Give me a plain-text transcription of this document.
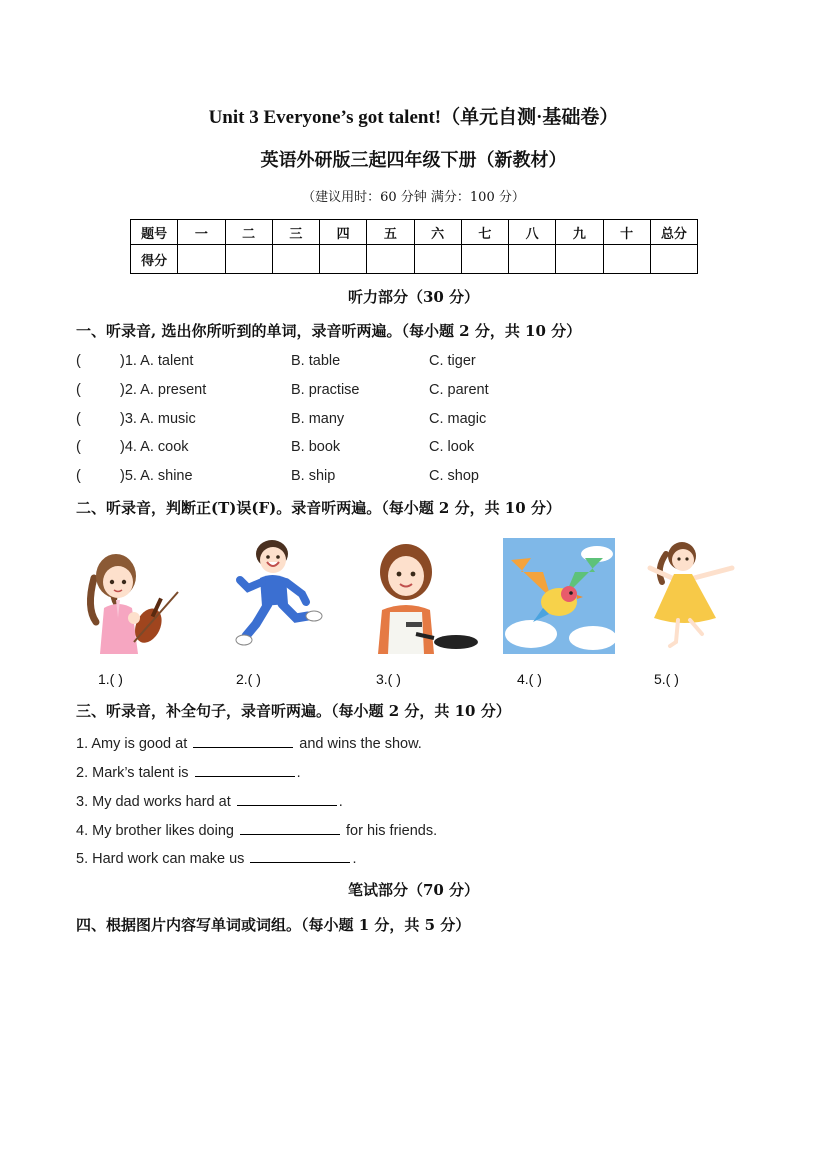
Unit 3 Everyone’s got talent!（单元自测·基础卷）
英语外研版三起四年级下册（新教材）
（建议用时：60 分钟 满分：100 分）
题号	一	二	三	四	五	六	七	八	九	十	总分
得分											
听力部分（30 分）
一、听录音, 选出你所听到的单词，录音听两遍。（每小题 2 分，共 10 分）
(	)1. A. talent	B. table	C. tiger
(	)2. A. present	B. practise	C. parent
(	)3. A. music	B. many	C. magic
(	)4. A. cook	B. book	C. look
(	)5. A. shine	B. ship	C. shop
二、听录音，判断正(T)误(F)。录音听两遍。（每小题 2 分，共 10 分）
1.( )	2.( )	3.( )	4.( )	5.( )
三、听录音，补全句子，录音听两遍。（每小题 2 分，共 10 分）
1. Amy is good at	and wins the show.
2. Mark’s talent is	.
3. My dad works hard at	.
4. My brother likes doing	for his friends.
5. Hard work can make us	.
笔试部分（70 分）
四、根据图片内容写单词或词组。（每小题 1 分，共 5 分）
